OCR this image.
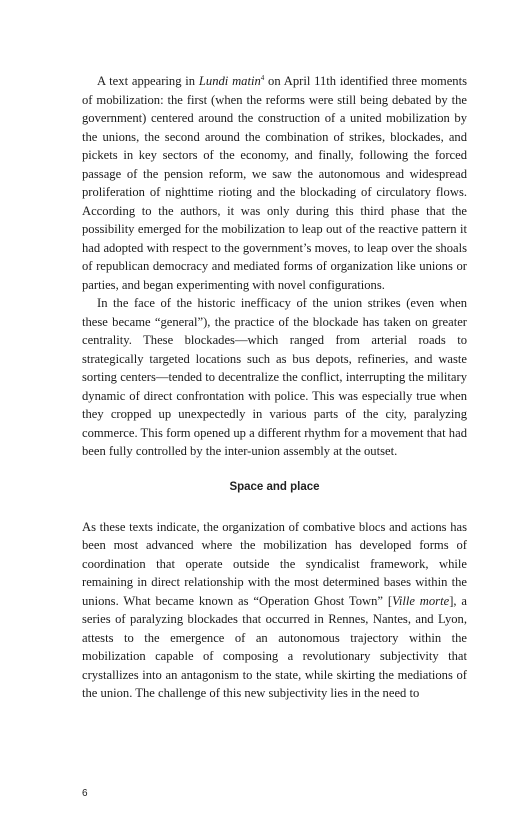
A text appearing in Lundi matin$^4$ on April 11th identified three moments of mobilization: the first (when the reforms were still being debated by the government) centered around the construction of a united mobilization by the unions, the second around the combination of strikes, blockades, and pickets in key sectors of the economy, and finally, following the forced passage of the pension reform, we saw the autonomous and widespread proliferation of nighttime rioting and the blockading of circulatory flows. According to the authors, it was only during this third phase that the possibility emerged for the mobilization to leap out of the reactive pattern it had adopted with respect to the government’s moves, to leap over the shoals of republican democracy and mediated forms of organization like unions or parties, and began experimenting with novel configurations.

In the face of the historic inefficacy of the union strikes (even when these became “general”), the practice of the blockade has taken on greater centrality. These blockades—which ranged from arterial roads to strategically targeted locations such as bus depots, refineries, and waste sorting centers—tended to decentralize the conflict, interrupting the military dynamic of direct confrontation with police. This was especially true when they cropped up unexpectedly in various parts of the city, paralyzing commerce. This form opened up a different rhythm for a movement that had been fully controlled by the inter-union assembly at the outset.

Space and place

As these texts indicate, the organization of combative blocs and actions has been most advanced where the mobilization has developed forms of coordination that operate outside the syndicalist framework, while remaining in direct relationship with the most determined bases within the unions. What became known as “Operation Ghost Town” [Ville morte], a series of paralyzing blockades that occurred in Rennes, Nantes, and Lyon, attests to the emergence of an autonomous trajectory within the mobilization capable of composing a revolutionary subjectivity that crystallizes into an antagonism to the state, while skirting the mediations of the union. The challenge of this new subjectivity lies in the need to

6
